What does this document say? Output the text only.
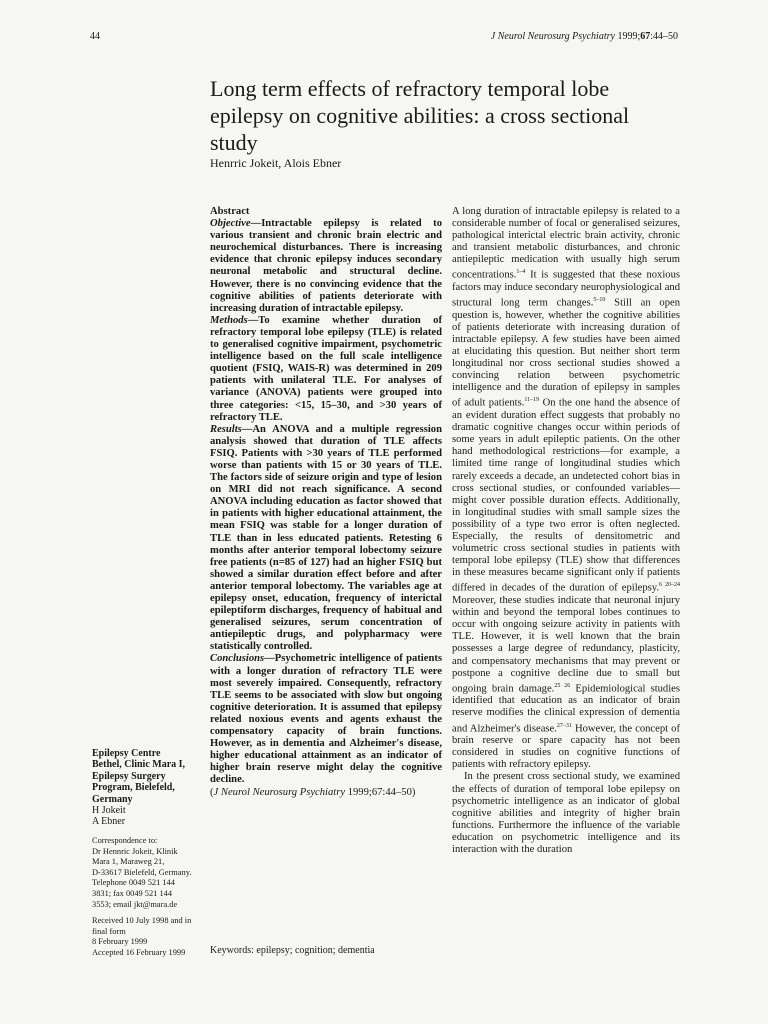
44	J Neurol Neurosurg Psychiatry 1999;67:44–50
Long term effects of refractory temporal lobe epilepsy on cognitive abilities: a cross sectional study
Henrric Jokeit, Alois Ebner
Epilepsy Centre
Bethel, Clinic Mara I,
Epilepsy Surgery
Program, Bielefeld,
Germany
H Jokeit
A Ebner
Correspondence to:
Dr Hennric Jokeit, Klinik
Mara 1, Maraweg 21,
D-33617 Bielefeld, Germany.
Telephone 0049 521 144
3831; fax 0049 521 144
3553; email jkt@mara.de
Received 10 July 1998 and in
final form
8 February 1999
Accepted 16 February 1999
Abstract

Objective—Intractable epilepsy is related to various transient and chronic brain electric and neurochemical disturbances. There is increasing evidence that chronic epilepsy induces secondary neuronal metabolic and structural decline. However, there is no convincing evidence that the cognitive abilities of patients deteriorate with increasing duration of intractable epilepsy.

Methods—To examine whether duration of refractory temporal lobe epilepsy (TLE) is related to generalised cognitive impairment, psychometric intelligence based on the full scale intelligence quotient (FSIQ, WAIS-R) was determined in 209 patients with unilateral TLE. For analyses of variance (ANOVA) patients were grouped into three categories: <15, 15–30, and >30 years of refractory TLE.

Results—An ANOVA and a multiple regression analysis showed that duration of TLE affects FSIQ. Patients with >30 years of TLE performed worse than patients with 15 or 30 years of TLE. The factors side of seizure origin and type of lesion on MRI did not reach significance. A second ANOVA including education as factor showed that in patients with higher educational attainment, the mean FSIQ was stable for a longer duration of TLE than in less educated patients. Retesting 6 months after anterior temporal lobectomy seizure free patients (n=85 of 127) had an higher FSIQ but showed a similar duration effect before and after anterior temporal lobectomy. The variables age at epilepsy onset, education, frequency of interictal epileptiform discharges, frequency of habitual and generalised seizures, serum concentration of antiepileptic drugs, and polypharmacy were statistically controlled.

Conclusions—Psychometric intelligence of patients with a longer duration of refractory TLE were most severely impaired. Consequently, refractory TLE seems to be associated with slow but ongoing cognitive deterioration. It is assumed that epilepsy related noxious events and agents exhaust the compensatory capacity of brain functions. However, as in dementia and Alzheimer's disease, higher educational attainment as an indicator of higher brain reserve might delay the cognitive decline.

(J Neurol Neurosurg Psychiatry 1999;67:44–50)

Keywords: epilepsy; cognition; dementia

A long duration of intractable epilepsy is related to a considerable number of focal or generalised seizures, pathological interictal electric brain activity, chronic and transient metabolic disturbances, and chronic antiepileptic medication with usually high serum concentrations.$^{1-4}$ It is suggested that these noxious factors may induce secondary neurophysiological and structural long term changes.$^{5-10}$ Still an open question is, however, whether the cognitive abilities of patients deteriorate with increasing duration of intractable epilepsy. A few studies have been aimed at elucidating this question. But neither short term longitudinal nor cross sectional studies showed a convincing relation between psychometric intelligence and the duration of epilepsy in samples of adult patients.$^{11-19}$ On the one hand the absence of an evident duration effect suggests that probably no dramatic cognitive changes occur within periods of some years in adult epileptic patients. On the other hand methodological restrictions—for example, a limited time range of longitudinal studies which rarely exceeds a decade, an undetected cohort bias in cross sectional studies, or confounded variables—might cover possible duration effects. Additionally, in longitudinal studies with small sample sizes the possibility of a type two error is often neglected. Especially, the results of densitometric and volumetric cross sectional studies in patients with temporal lobe epilepsy (TLE) show that differences in these measures became significant only if patients differed in decades of the duration of epilepsy.$^{6 20-24}$ Moreover, these studies indicate that neuronal injury within and beyond the temporal lobes continues to occur with ongoing seizure activity in patients with TLE. However, it is well known that the brain possesses a large degree of redundancy, plasticity, and compensatory mechanisms that may prevent or postpone a cognitive decline due to small but ongoing brain damage.$^{25 26}$ Epidemiological studies identified that education as an indicator of brain reserve modifies the clinical expression of dementia and Alzheimer's disease.$^{27-31}$ However, the concept of brain reserve or spare capacity has not been considered in studies on cognitive functions of patients with refractory epilepsy.

In the present cross sectional study, we examined the effects of duration of temporal lobe epilepsy on psychometric intelligence as an indicator of global cognitive abilities and integrity of higher brain functions. Furthermore the influence of the variable education on psychometric intelligence and its interaction with the duration
